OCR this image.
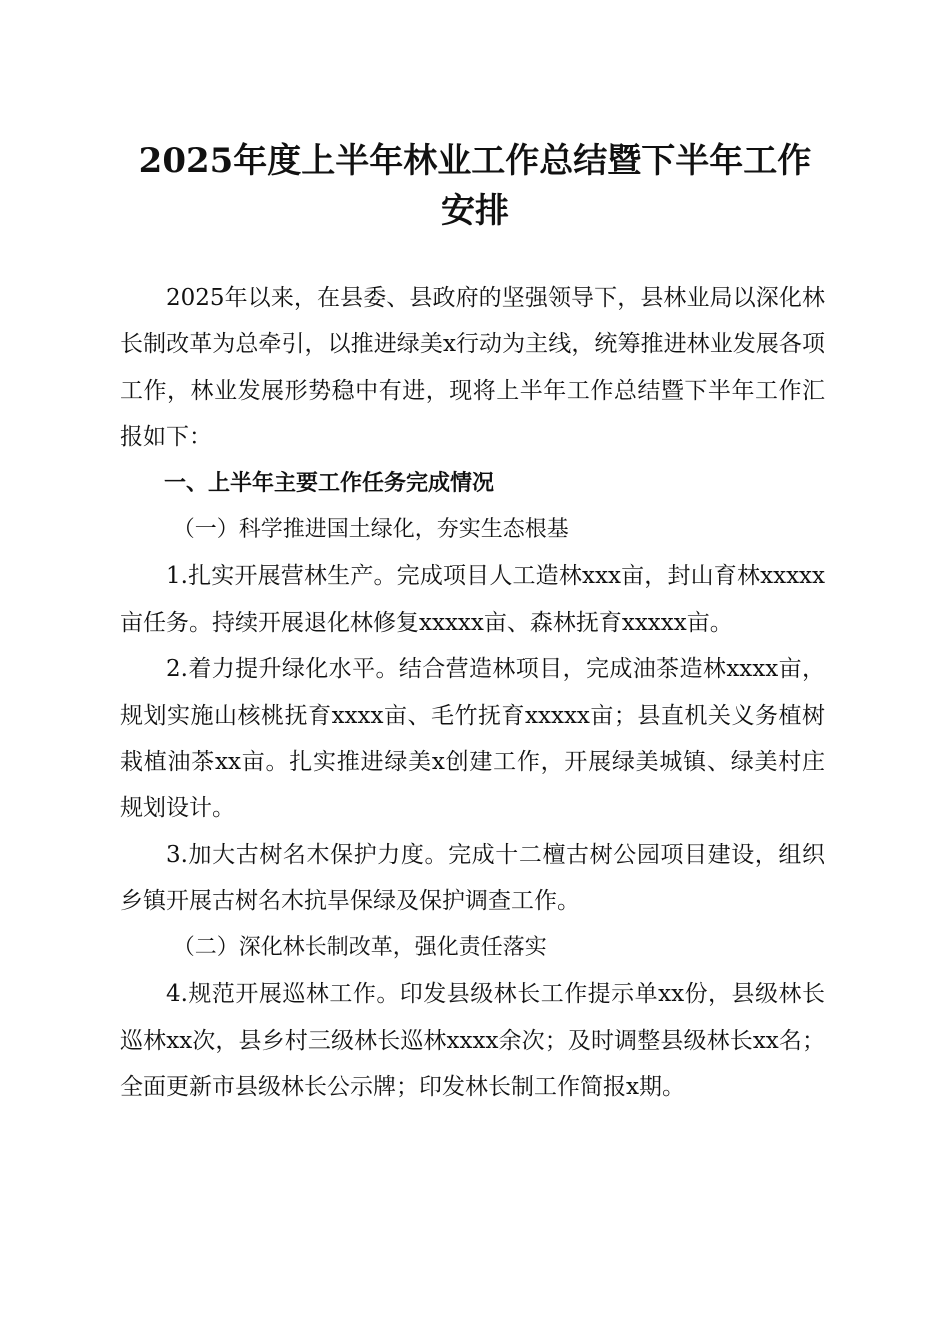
2025年度上半年林业工作总结暨下半年工作
安排

2025年以来，在县委、县政府的坚强领导下，县林业局以深化林长制改革为总牵引，以推进绿美x行动为主线，统筹推进林业发展各项工作，林业发展形势稳中有进，现将上半年工作总结暨下半年工作汇报如下：

一、上半年主要工作任务完成情况

（一）科学推进国土绿化，夯实生态根基

1.扎实开展营林生产。完成项目人工造林xxx亩，封山育林xxxxx亩任务。持续开展退化林修复xxxxx亩、森林抚育xxxxx亩。

2.着力提升绿化水平。结合营造林项目，完成油茶造林xxxx亩，规划实施山核桃抚育xxxx亩、毛竹抚育xxxxx亩；县直机关义务植树栽植油茶xx亩。扎实推进绿美x创建工作，开展绿美城镇、绿美村庄规划设计。

3.加大古树名木保护力度。完成十二檀古树公园项目建设，组织乡镇开展古树名木抗旱保绿及保护调查工作。

（二）深化林长制改革，强化责任落实

4.规范开展巡林工作。印发县级林长工作提示单xx份，县级林长巡林xx次，县乡村三级林长巡林xxxx余次；及时调整县级林长xx名；全面更新市县级林长公示牌；印发林长制工作简报x期。
